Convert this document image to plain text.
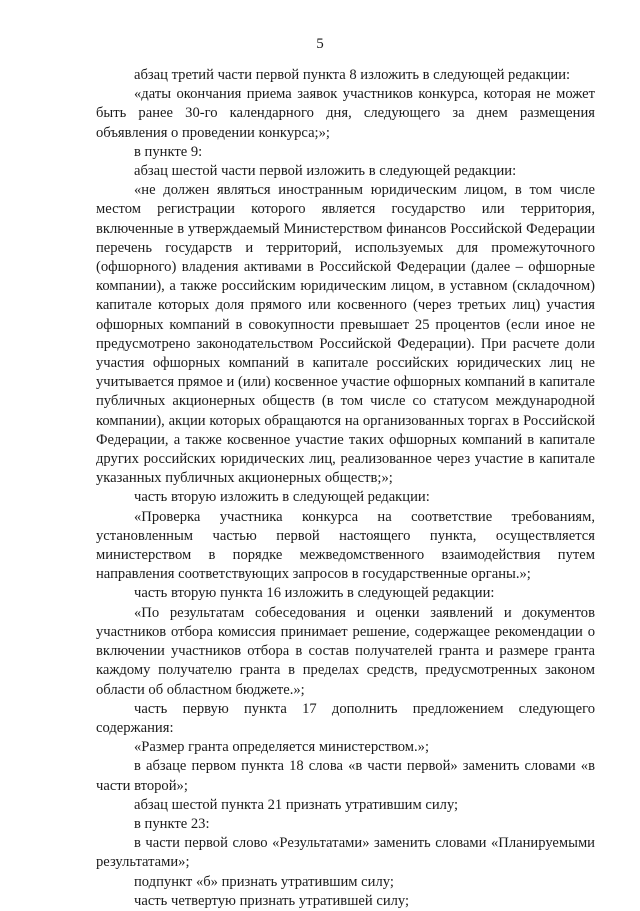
5

абзац третий части первой пункта 8 изложить в следующей редакции:

«даты окончания приема заявок участников конкурса, которая не может быть ранее 30-го календарного дня, следующего за днем размещения объявления о проведении конкурса;»;

в пункте 9:

абзац шестой части первой изложить в следующей редакции:

«не должен являться иностранным юридическим лицом, в том числе местом регистрации которого является государство или территория, включенные в утверждаемый Министерством финансов Российской Федерации перечень государств и территорий, используемых для промежуточного (офшорного) владения активами в Российской Федерации (далее – офшорные компании), а также российским юридическим лицом, в уставном (складочном) капитале которых доля прямого или косвенного (через третьих лиц) участия офшорных компаний в совокупности превышает 25 процентов (если иное не предусмотрено законодательством Российской Федерации). При расчете доли участия офшорных компаний в капитале российских юридических лиц не учитывается прямое и (или) косвенное участие офшорных компаний в капитале публичных акционерных обществ (в том числе со статусом международной компании), акции которых обращаются на организованных торгах в Российской Федерации, а также косвенное участие таких офшорных компаний в капитале других российских юридических лиц, реализованное через участие в капитале указанных публичных акционерных обществ;»;

часть вторую изложить в следующей редакции:

«Проверка участника конкурса на соответствие требованиям, установленным частью первой настоящего пункта, осуществляется министерством в порядке межведомственного взаимодействия путем направления соответствующих запросов в государственные органы.»;

часть вторую пункта 16 изложить в следующей редакции:

«По результатам собеседования и оценки заявлений и документов участников отбора комиссия принимает решение, содержащее рекомендации о включении участников отбора в состав получателей гранта и размере гранта каждому получателю гранта в пределах средств, предусмотренных законом области об областном бюджете.»;

часть первую пункта 17 дополнить предложением следующего содержания:

«Размер гранта определяется министерством.»;

в абзаце первом пункта 18 слова «в части первой» заменить словами «в части второй»;

абзац шестой пункта 21 признать утратившим силу;

в пункте 23:

в части первой слово «Результатами» заменить словами «Планируемыми результатами»;

подпункт «б» признать утратившим силу;

часть четвертую признать утратившей силу;
